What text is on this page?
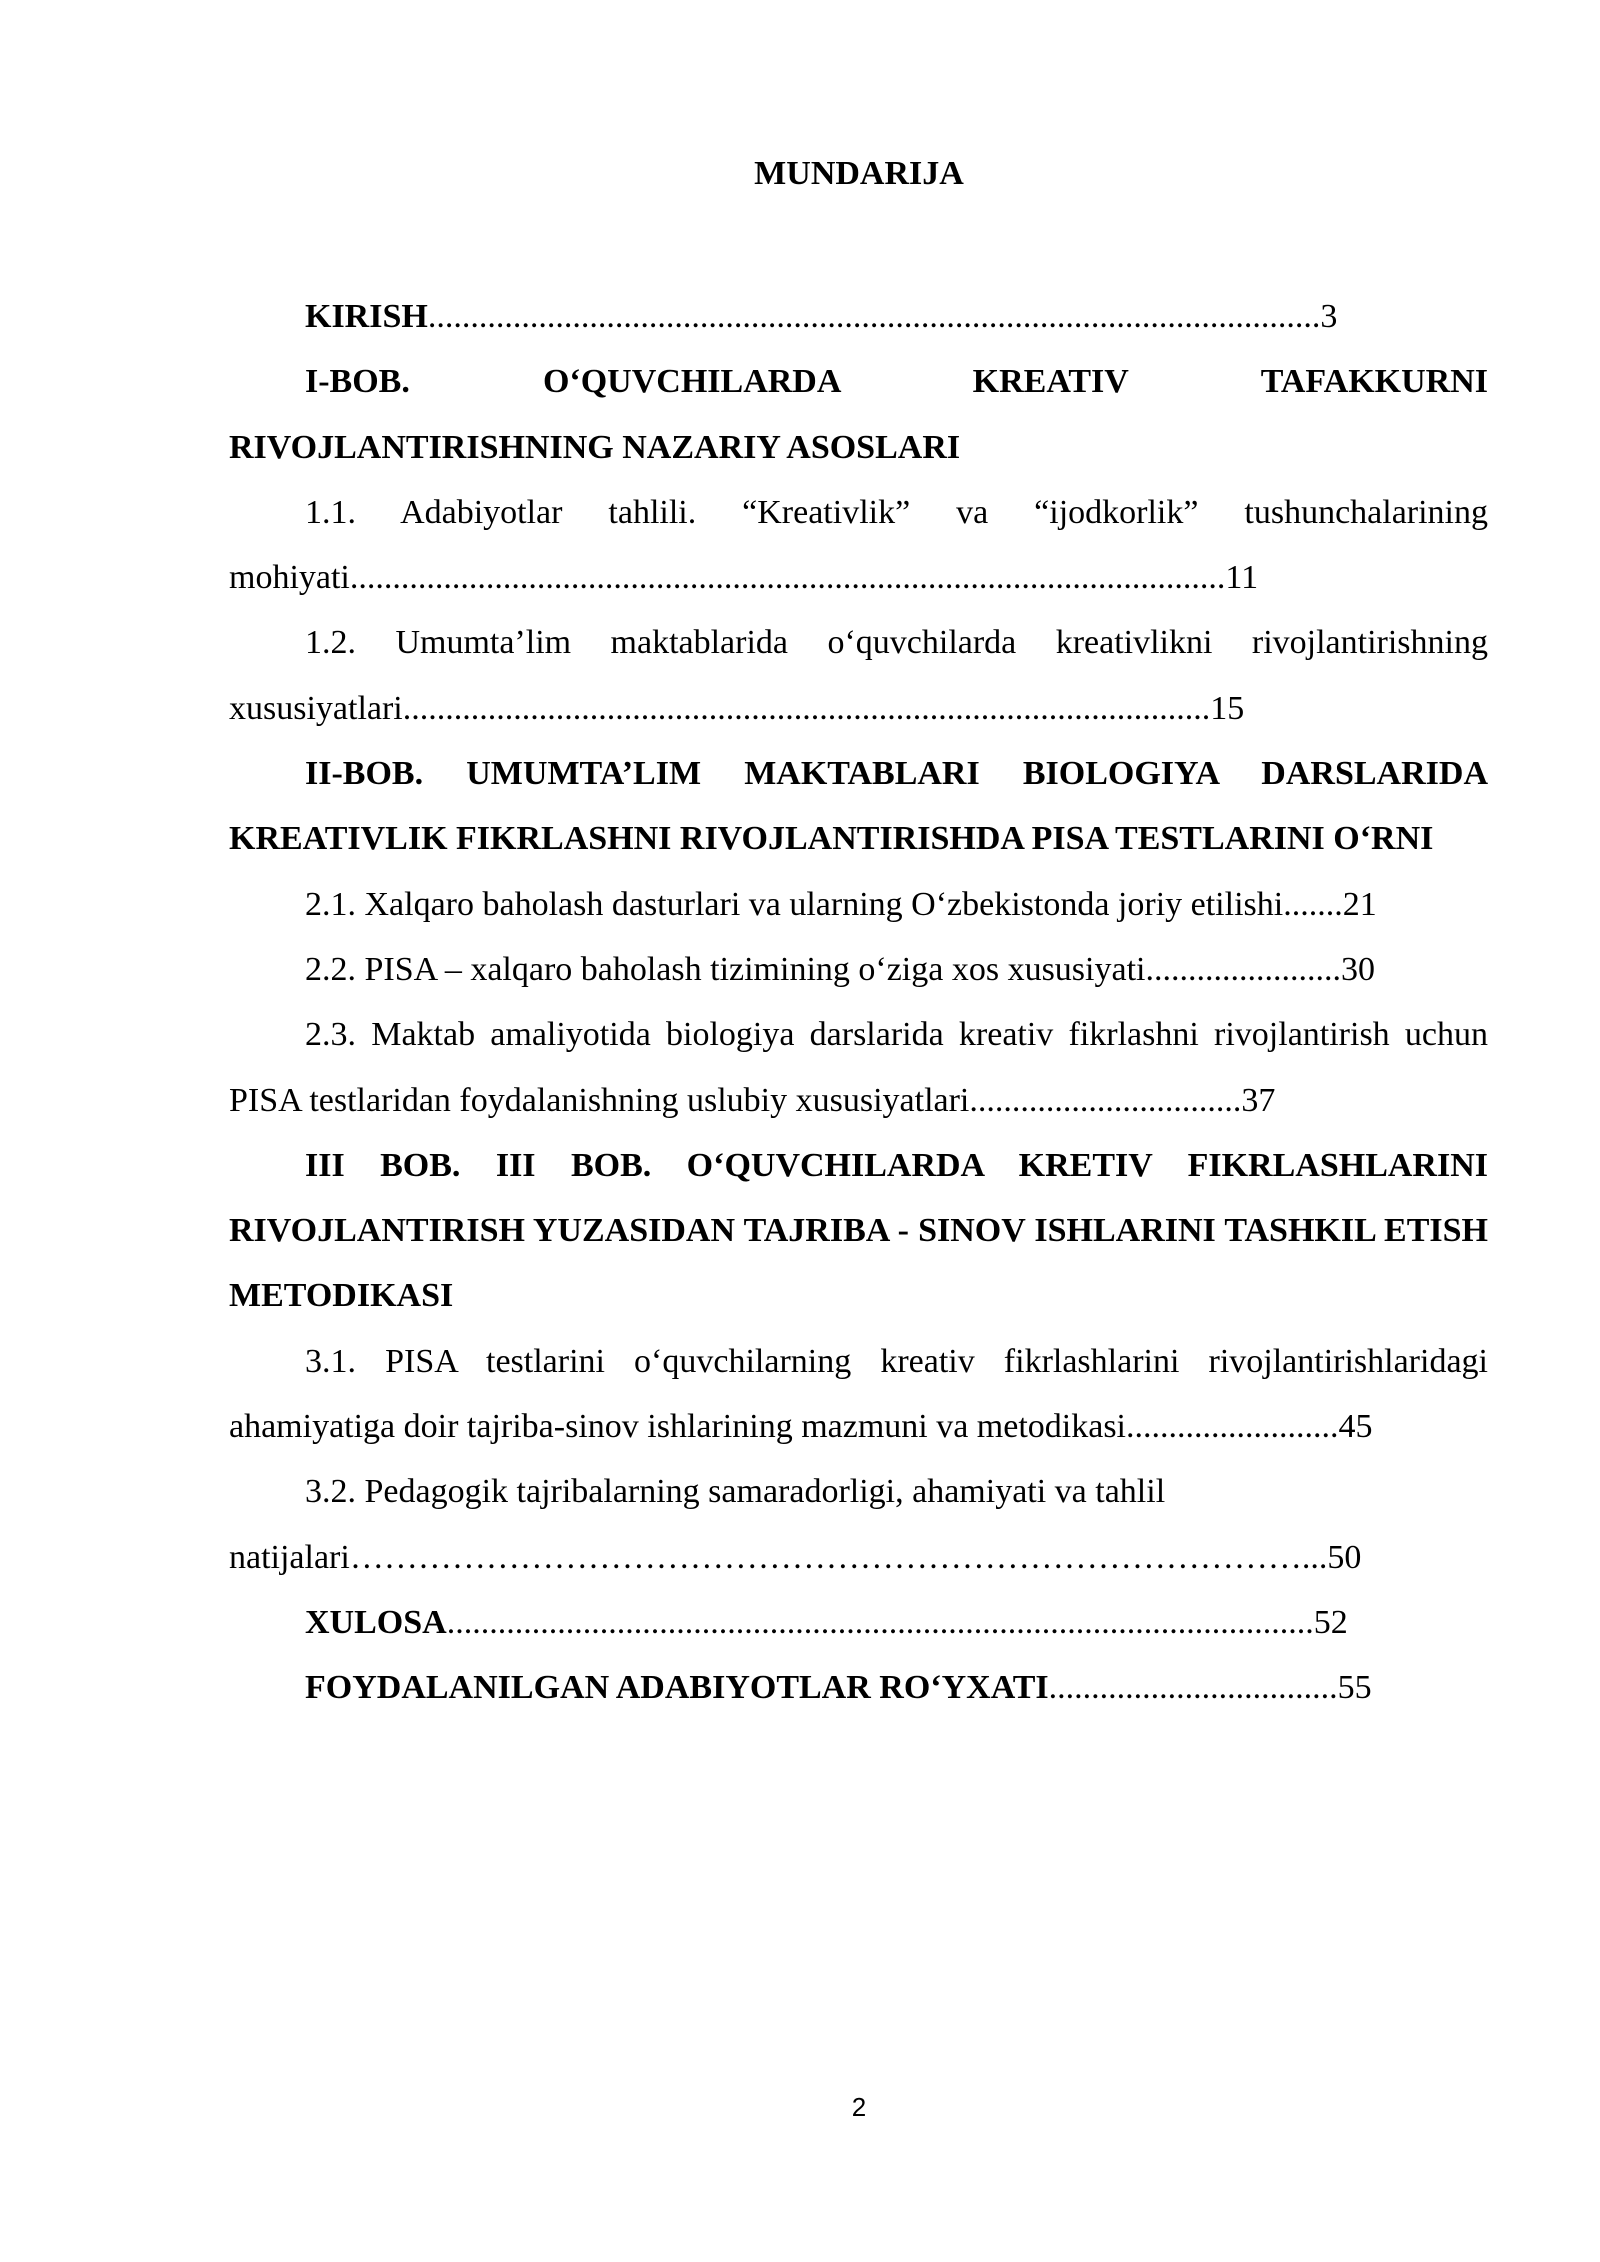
MUNDARIJA

KIRISH.........................................................................................................3

I-BOB. O‘QUVCHILARDA KREATIV TAFAKKURNI RIVOJLANTIRISHNING NAZARIY ASOSLARI

1.1. Adabiyotlar tahlili. “Kreativlik” va “ijodkorlik” tushunchalarining mohiyati.......................................................................................................11

1.2. Umumta’lim maktablarida o‘quvchilarda kreativlikni rivojlantirishning xususiyatlari...............................................................................................15

II-BOB. UMUMTA’LIM MAKTABLARI BIOLOGIYA DARSLARIDA KREATIVLIK FIKRLASHNI RIVOJLANTIRISHDA PISA TESTLARINI O‘RNI

2.1. Xalqaro baholash dasturlari va ularning O‘zbekistonda joriy etilishi.......21

2.2. PISA – xalqaro baholash tizimining o‘ziga xos xususiyati.......................30

2.3. Maktab amaliyotida biologiya darslarida kreativ fikrlashni rivojlantirish uchun PISA testlaridan foydalanishning uslubiy xususiyatlari................................37

III BOB. III BOB. O‘QUVCHILARDA KRETIV FIKRLASHLARINI RIVOJLANTIRISH YUZASIDAN TAJRIBA - SINOV ISHLARINI TASHKIL ETISH METODIKASI

3.1. PISA testlarini o‘quvchilarning kreativ fikrlashlarini rivojlantirishlaridagi ahamiyatiga doir tajriba-sinov ishlarining mazmuni va metodikasi.........................45

3.2. Pedagogik tajribalarning samaradorligi, ahamiyati va tahlil
natijalari…………………………………………………………………………...50

XULOSA......................................................................................................52

FOYDALANILGAN ADABIYOTLAR RO‘YXATI..................................55

2
